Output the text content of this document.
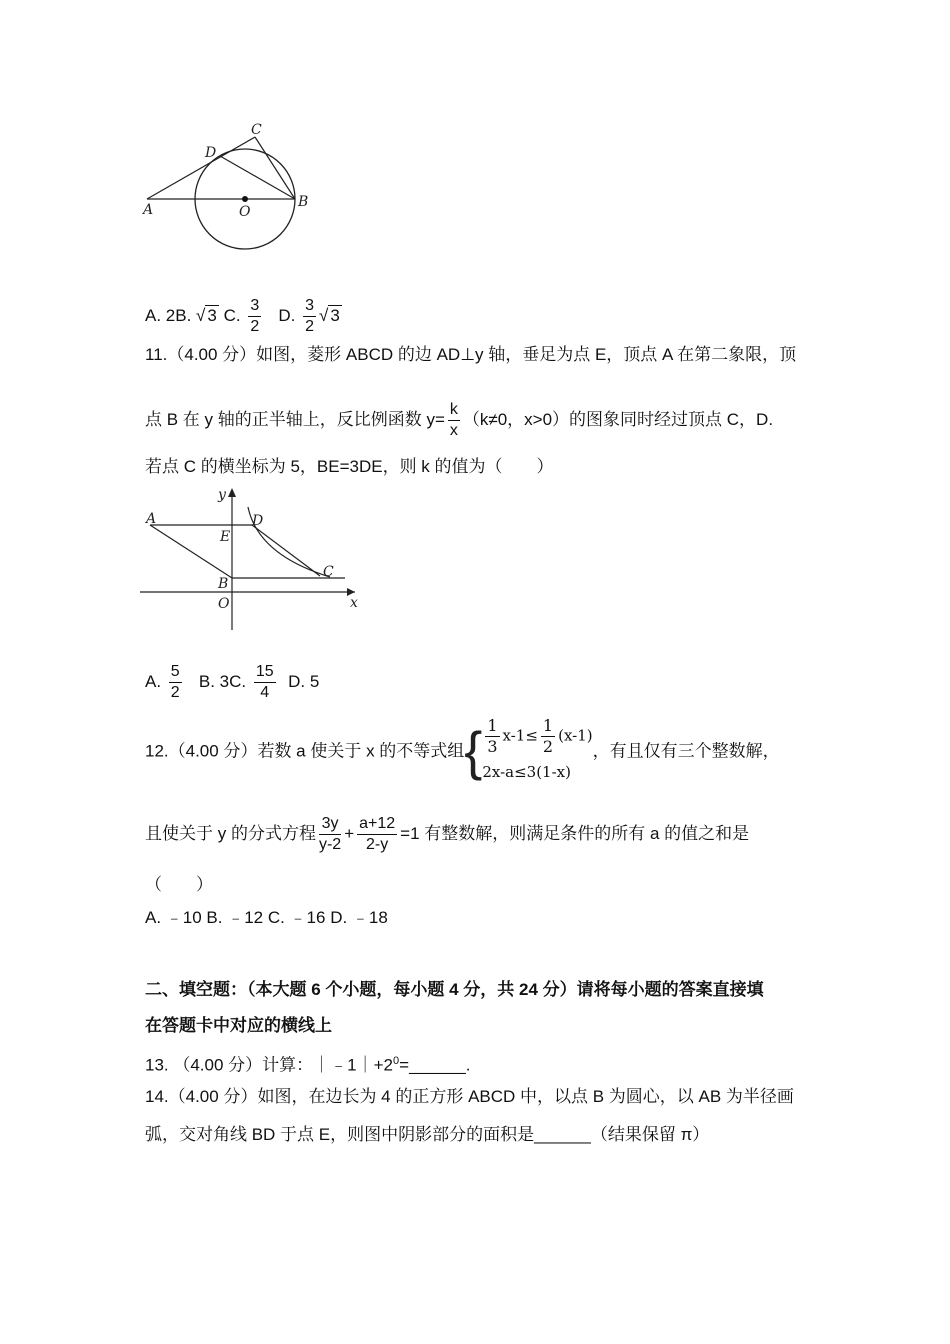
C
D
A	O
B
A. 2B. √ 3 C. $\frac{3}{2} D$. $\frac{3}{2}$ √ 3
11.（4.00 分）如图，菱形 ABCD 的边 AD⊥y 轴，垂足为点 E，顶点 A 在第二象限，顶
点 B 在 y 轴的正半轴上，反比例函数 $y= \frac{k}{x} (k\ne 0$，x>0）的图象同时经过顶点 C，D.
若点 C 的横坐标为 5，BE=3DE，则 k 的值为（　　）
A
E
D
C
B
O	x
y
A. $\frac{5}{2} B$. 3C. $\frac{15}{4} D$. 5
12.（4.00 分）若数 a 使关于 x 的不等式组{ $\frac{1}{3} x-1\le \frac{1}{2} (x-1)$
2x-a≤3(1-x)
，有且仅有三个整数解，
且使关于 y 的分式方程 $\frac{3y}{y-2} + \frac{a+12}{2-y} =1$ 有整数解，则满足条件的所有 a 的值之和是
（　　）
A. ﹣10 B. ﹣12 C. ﹣16 D. ﹣18
二、填空题：（本大题 6 个小题，每小题 4 分，共 24 分）请将每小题的答案直接填
在答题卡中对应的横线上
13. （4.00 分）计算：$|﹣1|+2^0=\_\_\_\_\_\_$.
14.（4.00 分）如图，在边长为 4 的正方形 ABCD 中，以点 B 为圆心，以 AB 为半径画
弧，交对角线 BD 于点 E，则图中阴影部分的面积是______（结果保留 π）
